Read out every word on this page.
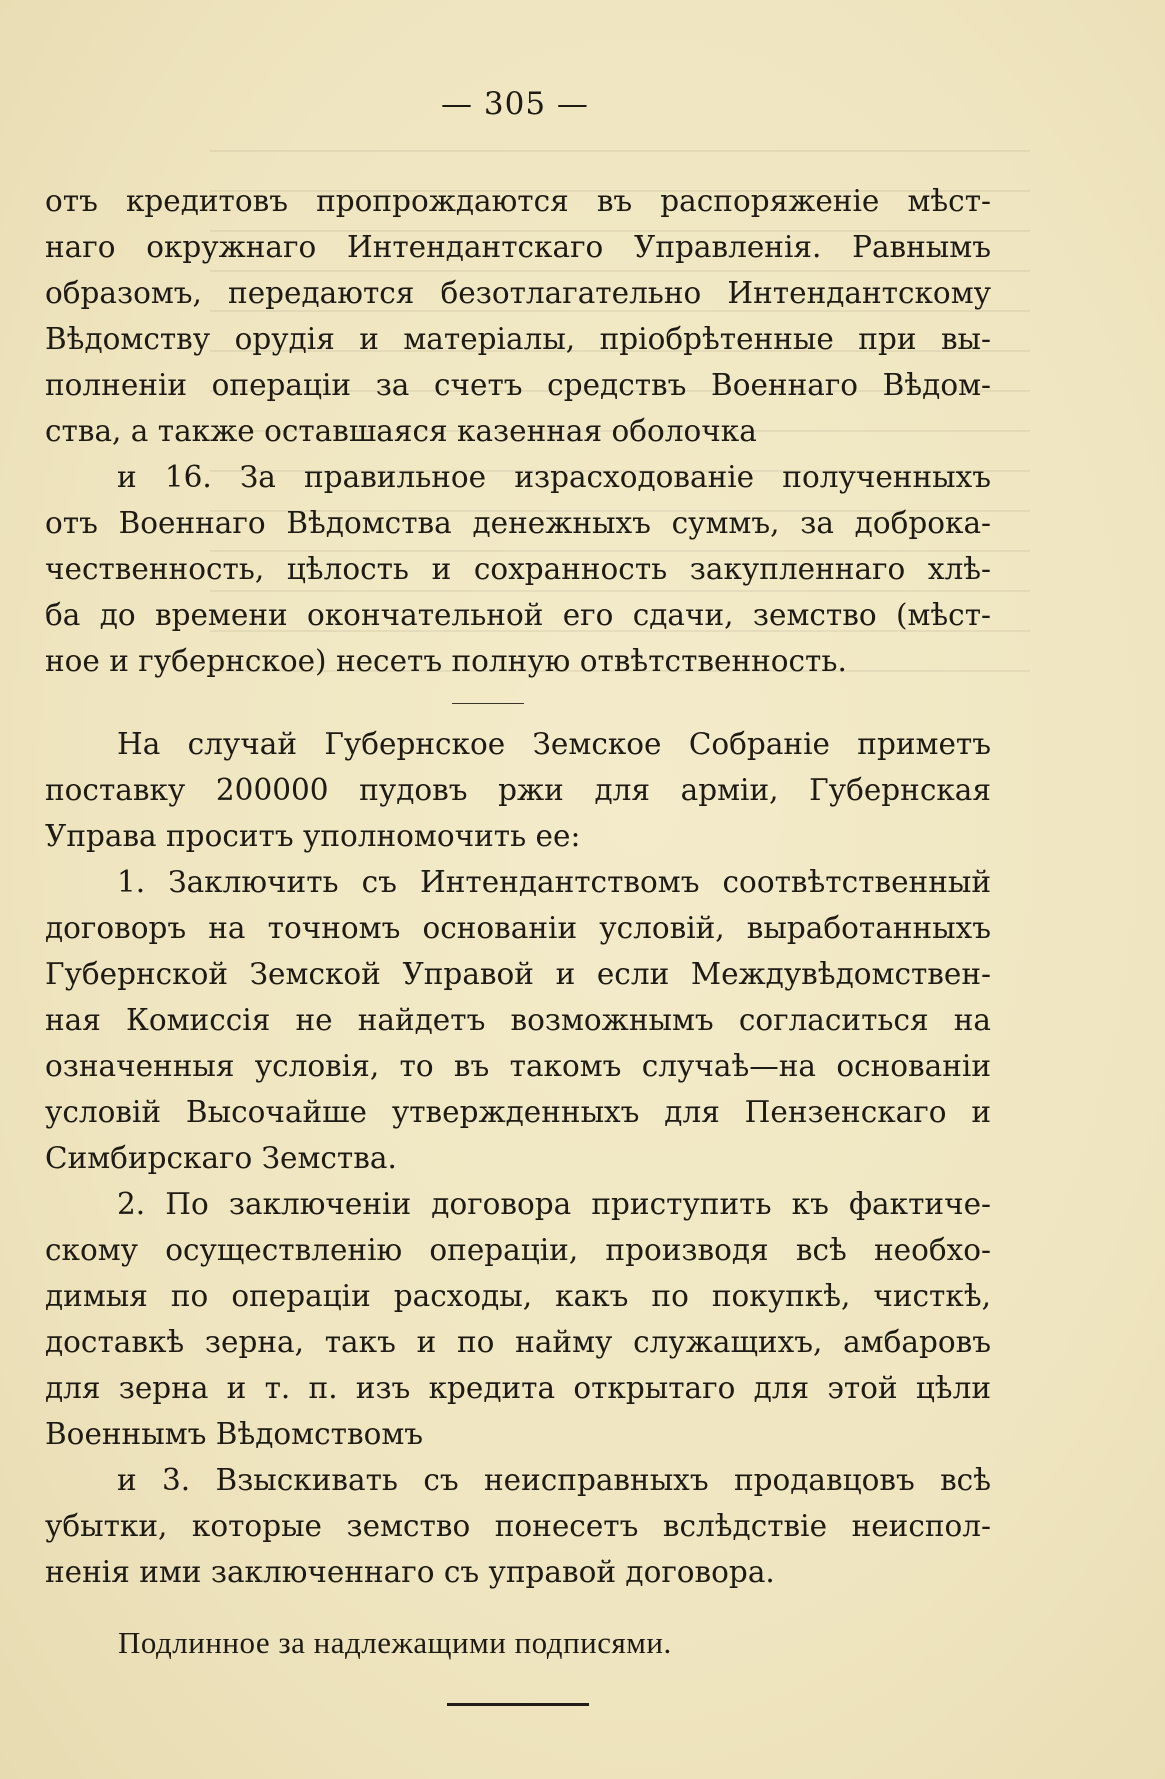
— 305 —
отъ кредитовъ пропрождаются въ распоряженіе мѣст-
наго окружнаго Интендантскаго Управленія. Равнымъ
образомъ, передаются безотлагательно Интендантскому
Вѣдомству орудія и матеріалы, пріобрѣтенные при вы-
полненіи операціи за счетъ средствъ Военнаго Вѣдом-
ства, а также оставшаяся казенная оболочка
и 16. За правильное израсходованіе полученныхъ
отъ Военнаго Вѣдомства денежныхъ суммъ, за доброка-
чественность, цѣлость и сохранность закупленнаго хлѣ-
ба до времени окончательной его сдачи, земство (мѣст-
ное и губернское) несетъ полную отвѣтственность.
На случай Губернское Земское Собраніе приметъ
поставку 200000 пудовъ ржи для арміи, Губернская
Управа проситъ уполномочить ее:
1. Заключить съ Интендантствомъ соотвѣтственный
договоръ на точномъ основаніи условій, выработанныхъ
Губернской Земской Управой и если Междувѣдомствен-
ная Комиссія не найдетъ возможнымъ согласиться на
означенныя условія, то въ такомъ случаѣ—на основаніи
условій Высочайше утвержденныхъ для Пензенскаго и
Симбирскаго Земства.
2. По заключеніи договора приступить къ фактиче-
скому осуществленію операціи, производя всѣ необхо-
димыя по операціи расходы, какъ по покупкѣ, чисткѣ,
доставкѣ зерна, такъ и по найму служащихъ, амбаровъ
для зерна и т. п. изъ кредита открытаго для этой цѣли
Военнымъ Вѣдомствомъ
и 3. Взыскивать съ неисправныхъ продавцовъ всѣ
убытки, которые земство понесетъ вслѣдствіе неиспол-
ненія ими заключеннаго съ управой договора.
Подлинное за надлежащими подписями.
